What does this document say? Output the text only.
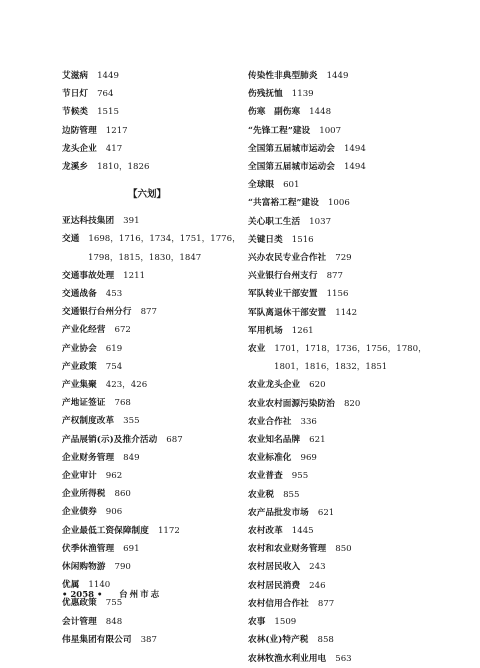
艾滋病 1449
节日灯 764
节候类 1515
边防管理 1217
龙头企业 417
龙溪乡 1810，1826
【六划】
亚达科技集团 391
交通 1698，1716，1734，1751，1776，
1798，1815，1830，1847
交通事故处理 1211
交通战备 453
交通银行台州分行 877
产业化经营 672
产业协会 619
产业政策 754
产业集聚 423，426
产地证签证 768
产权制度改革 355
产品展销(示)及推介活动 687
企业财务管理 849
企业审计 962
企业所得税 860
企业债券 906
企业最低工资保障制度 1172
伏季休渔管理 691
休闲购物游 790
优属 1140
优惠政策 755
会计管理 848
伟星集团有限公司 387
传染性非典型肺炎 1449
伤残抚恤 1139
伤寒　副伤寒 1448
“先锋工程”建设 1007
全国第五届城市运动会 1494
全国第五届城市运动会 1494
全球眼 601
“共富裕工程”建设 1006
关心职工生活 1037
关键日类 1516
兴办农民专业合作社 729
兴业银行台州支行 877
军队转业干部安置 1156
军队离退休干部安置 1142
军用机场 1261
农业 1701，1718，1736，1756，1780，
1801，1816，1832，1851
农业龙头企业 620
农业农村面源污染防治 820
农业合作社 336
农业知名品牌 621
农业标准化 969
农业普查 955
农业税 855
农产品批发市场 621
农村改革 1445
农村和农业财务管理 850
农村居民收入 243
农村居民消费 246
农村信用合作社 877
农事 1509
农林(业)特产税 858
农林牧渔水利业用电 563
• 2058 • 台州市志
